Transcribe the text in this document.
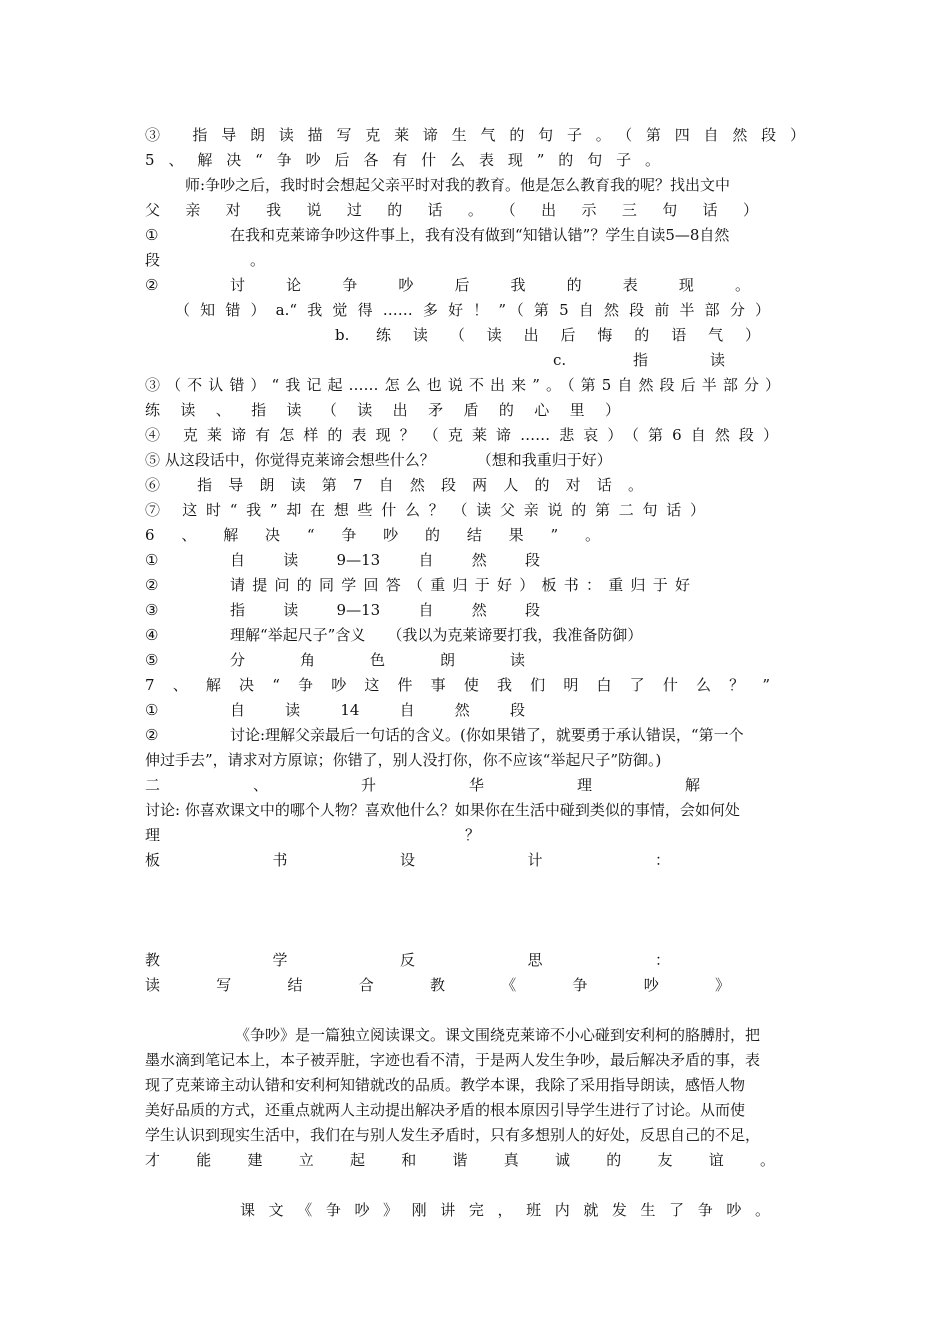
③ 指导朗读描写克莱谛生气的句子。（第四自然段）
5、解决“争吵后各有什么表现”的句子。
师:争吵之后，我时时会想起父亲平时对我的教育。他是怎么教育我的呢？找出文中
父亲对我说过的话。（出示三句话）
①	在我和克莱谛争吵这件事上，我有没有做到“知错认错”？学生自读5—8自然
段　　　　　　。
②	讨论争吵后我的表现。
（知错）a.“我觉得……多好！”（第5自然段前半部分）
b. 练读（读出后悔的语气）
c. 指读
③（不认错）“我记起……怎么也说不出来”。（第5自然段后半部分）
练读、指读（读出矛盾的心里）
④ 克莱谛有怎样的表现？（克莱谛……悲哀）（第6自然段）
⑤ 从这段话中，你觉得克莱谛会想些什么？	（想和我重归于好）
⑥ 指导朗读第7自然段两人的对话。
⑦ 这时“我”却在想些什么？（读父亲说的第二句话）
6、解决“争吵的结果”。
①	自读9—13自然段
②	请提问的同学回答（重归于好）板书：重归于好
③	指读9—13自然段
④	理解“举起尺子”含义 （我以为克莱谛要打我，我准备防御）
⑤	分角色朗读
7、解决“争吵这件事使我们明白了什么？”
①	自读14自然段
②	讨论:理解父亲最后一句话的含义。(你如果错了，就要勇于承认错误，“第一个
伸过手去”，请求对方原谅；你错了，别人没打你，你不应该“举起尺子”防御。)
二、升华理解
讨论: 你喜欢课文中的哪个人物？喜欢他什么？如果你在生活中碰到类似的事情，会如何处
理？
板书设计：
教学反思：
读写结合教《争吵》
《争吵》是一篇独立阅读课文。课文围绕克莱谛不小心碰到安利柯的胳膊肘，把
墨水滴到笔记本上，本子被弄脏，字迹也看不清，于是两人发生争吵，最后解决矛盾的事，表
现了克莱谛主动认错和安利柯知错就改的品质。教学本课，我除了采用指导朗读，感悟人物
美好品质的方式，还重点就两人主动提出解决矛盾的根本原因引导学生进行了讨论。从而使
学生认识到现实生活中，我们在与别人发生矛盾时，只有多想别人的好处，反思自己的不足，
才能建立起和谐真诚的友谊。
课文《争吵》刚讲完，班内就发生了争吵。
